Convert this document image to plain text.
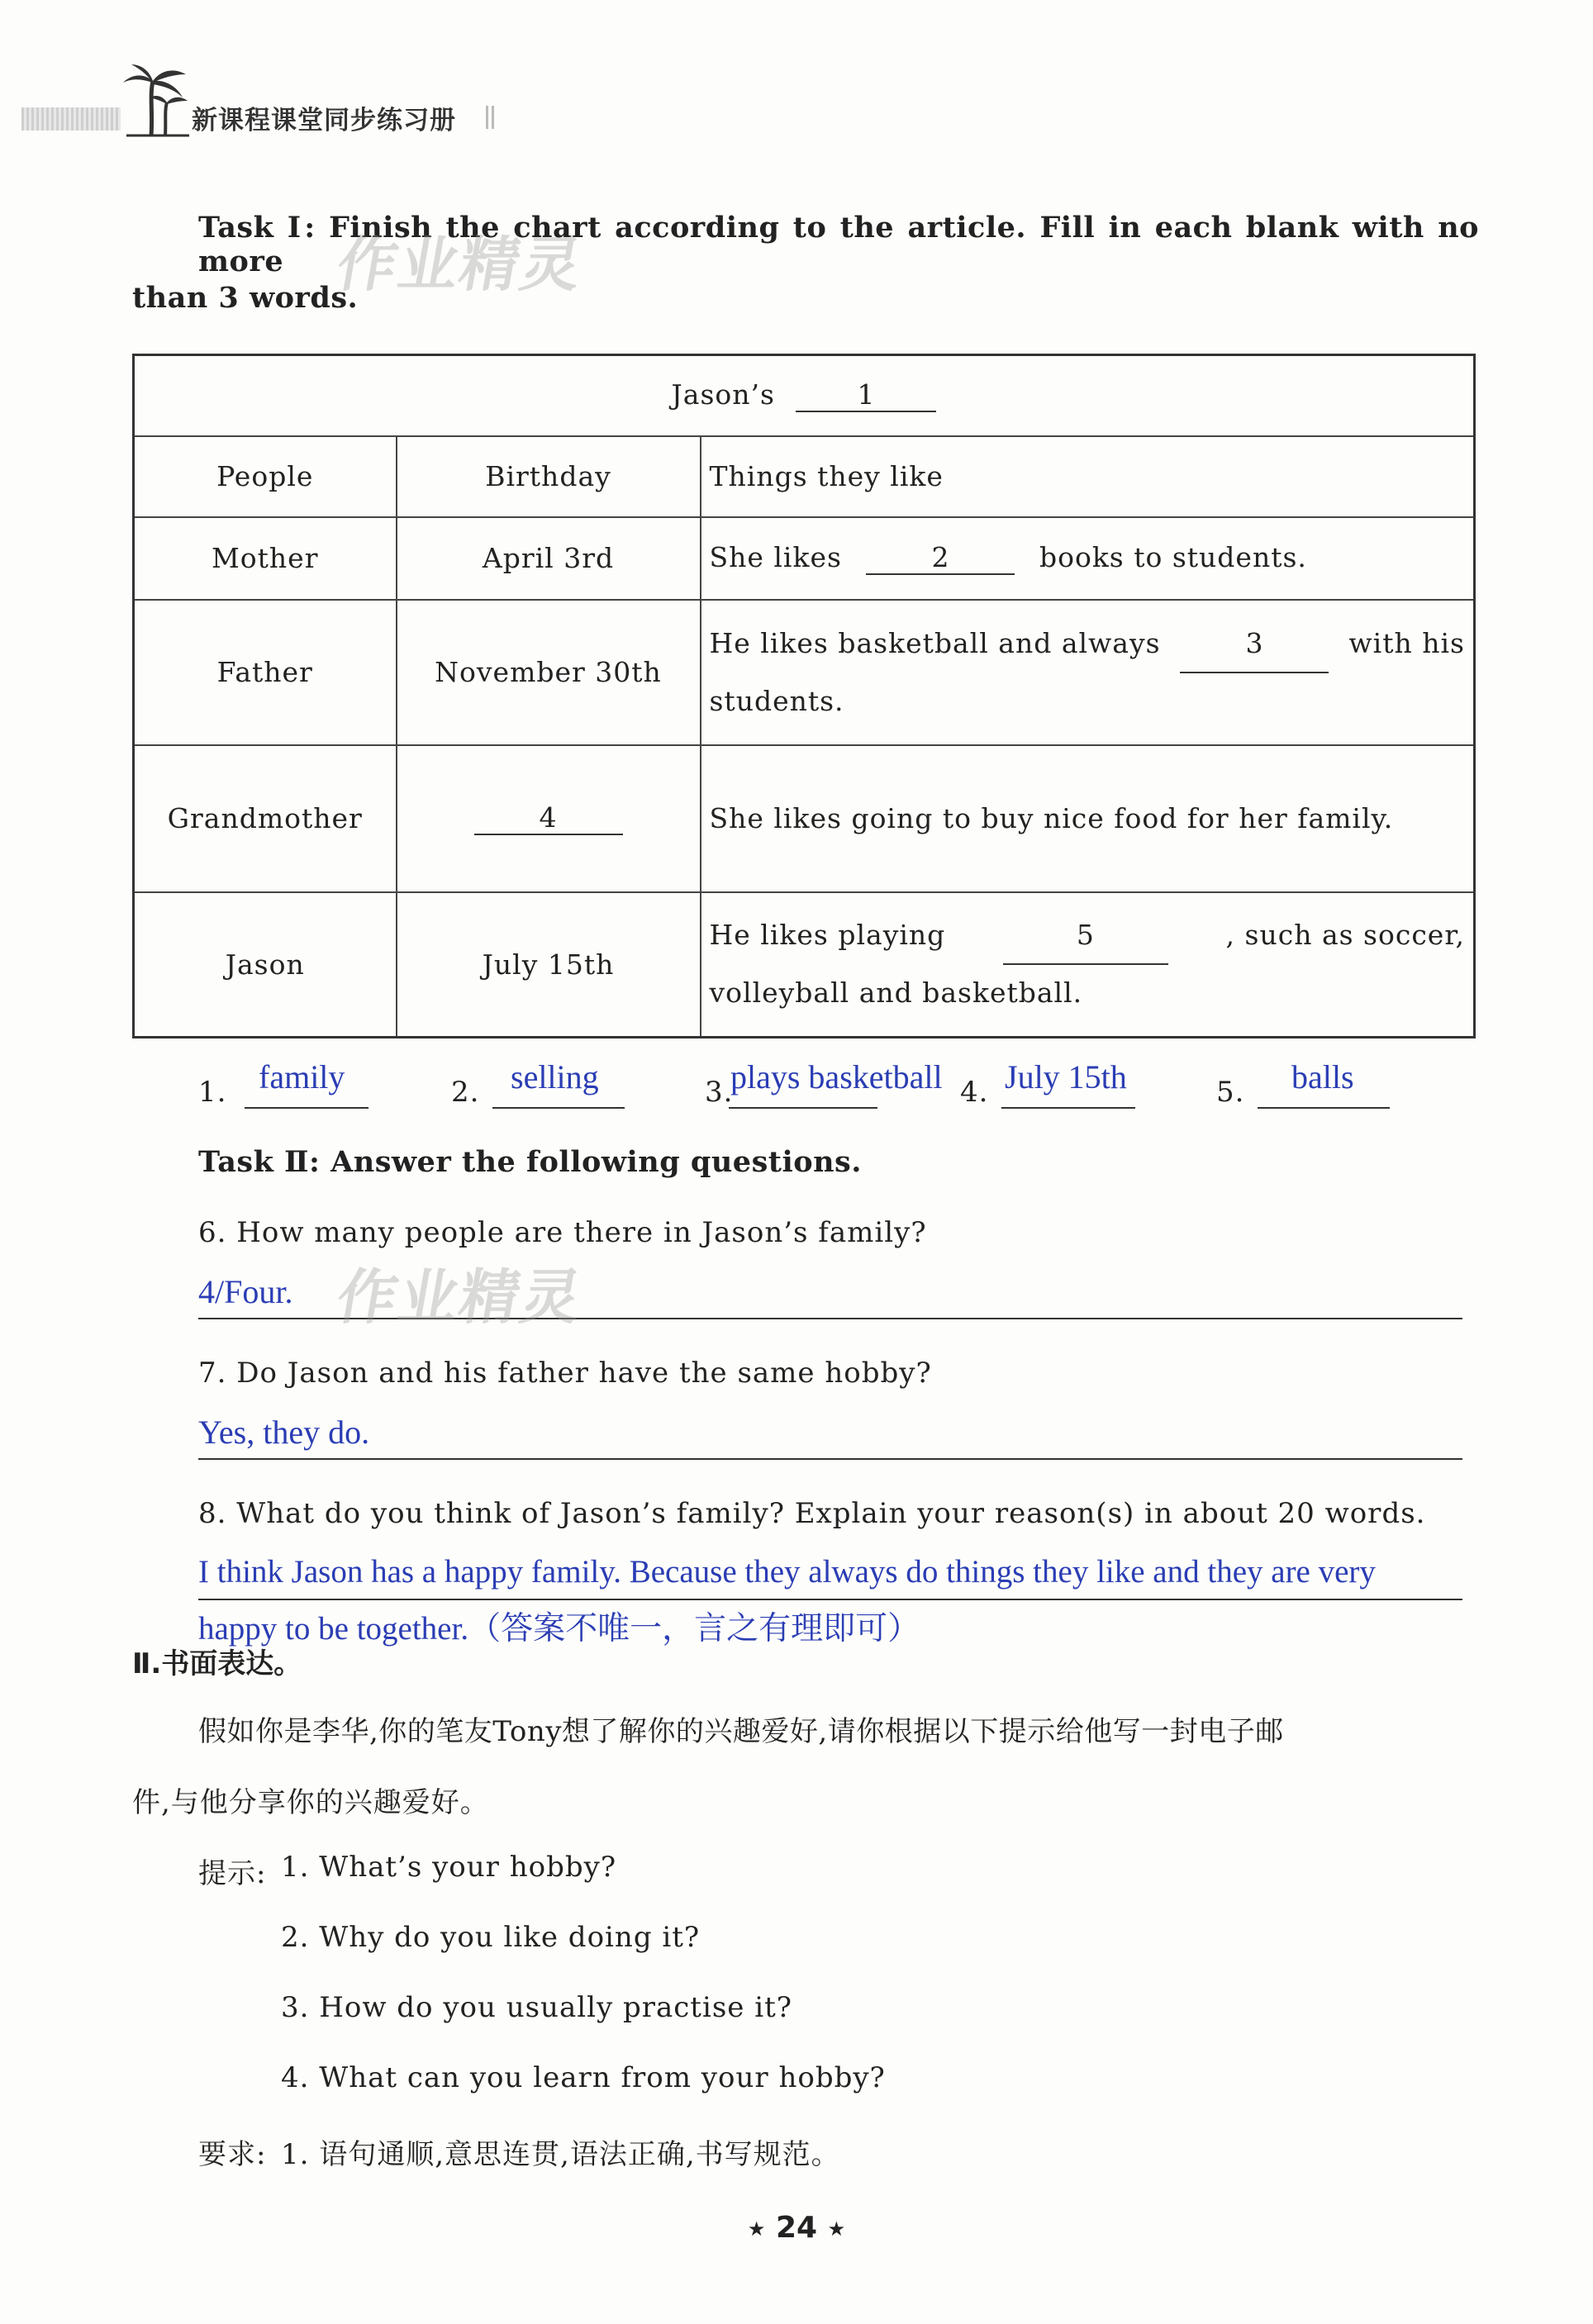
新课程课堂同步练习册
Task Ⅰ: Finish the chart according to the article. Fill in each blank with no more
than 3 words.
Jason’s 1		
People	Birthday	Things they like
Mother	April 3rd	She likes 2 books to students.
Father	November 30th	He likes basketball and always 3 with his
students.

Grandmother	4	She likes going to buy nice food for her family.
Jason	July 15th	He likes playing 5 , such as soccer,
volleyball and basketball.
1. family	2. selling	3.
plays basketball 4. July 15th	5. balls
Task Ⅱ: Answer the following questions.
6. How many people are there in Jason’s family?
4/Four.
7. Do Jason and his father have the same hobby?
Yes, they do.
8. What do you think of Jason’s family? Explain your reason(s) in about 20 words.
I think Jason has a happy family. Because they always do things they like and they are very
happy to be together.（答案不唯一，言之有理即可）
Ⅱ.书面表达。
假如你是李华,你的笔友Tony想了解你的兴趣爱好,请你根据以下提示给他写一封电子邮
件,与他分享你的兴趣爱好。
提示: 1. What’s your hobby?
2. Why do you like doing it?
3. How do you usually practise it?
4. What can you learn from your hobby?
要求: 1. 语句通顺,意思连贯,语法正确,书写规范。
作业精灵
作业精灵
★ 24 ★
